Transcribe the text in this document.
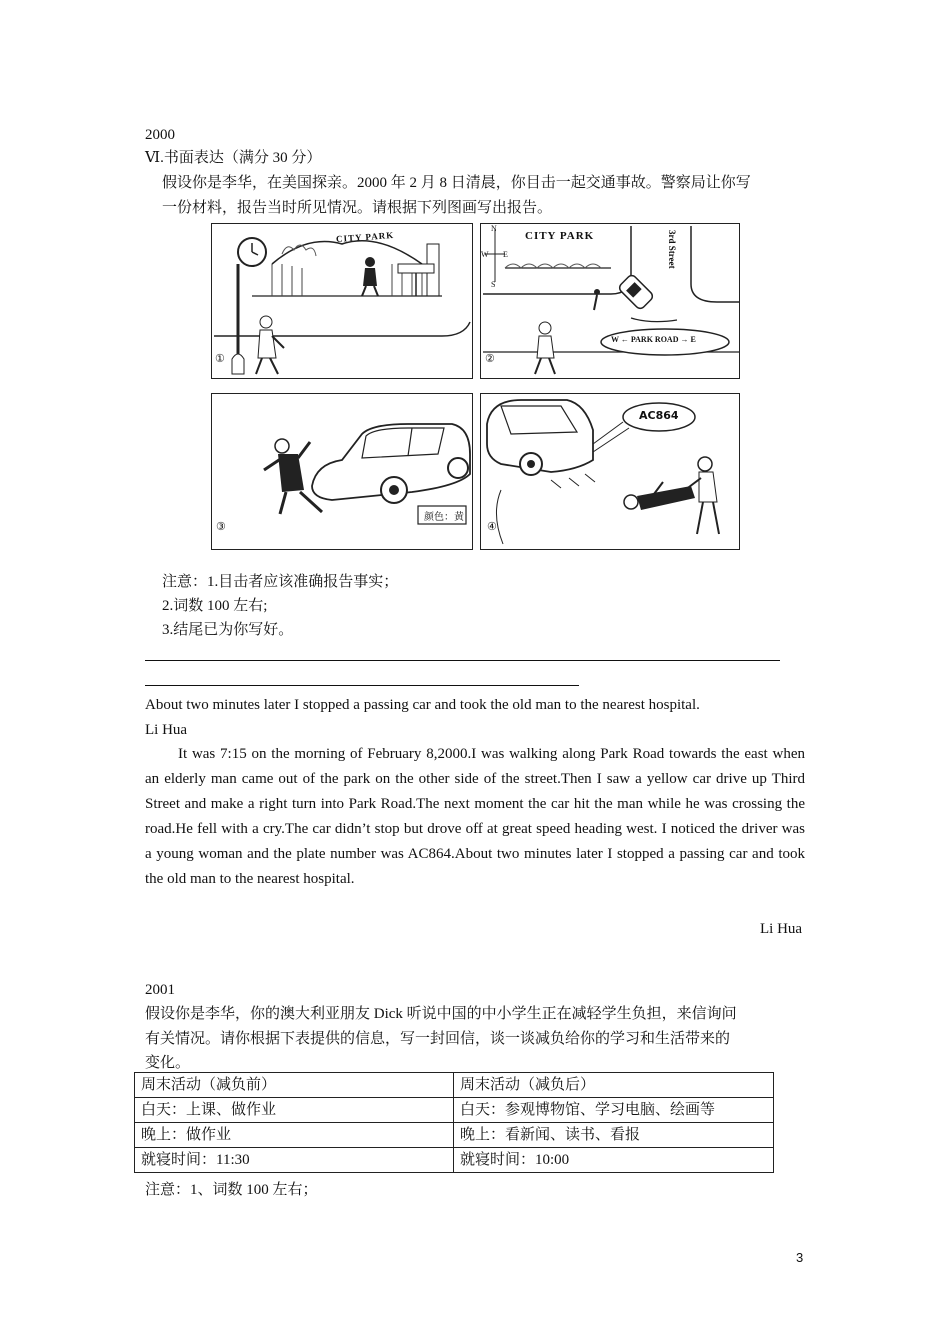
2000
Ⅵ.书面表达（满分 30 分）
假设你是李华，在美国探亲。2000 年 2 月 8 日清晨，你目击一起交通事故。警察局让你写
一份材料，报告当时所见情况。请根据下列图画写出报告。
CITY PARK
①
CITY PARK
N
S
W E	3rd Street
W ← PARK ROAD → E
②
颜色：黄
③
AC864
④
注意：1.目击者应该准确报告事实；
2.词数 100 左右;
3.结尾已为你写好。
About two minutes later I stopped a passing car and took the old man to the nearest hospital.
Li Hua

It was 7:15 on the morning of February 8,2000.I was walking along Park Road towards the east when an elderly man came out of the park on the other side of the street.Then I saw a yellow car drive up Third Street and make a right turn into Park Road.The next moment the car hit the man while he was crossing the road.He fell with a cry.The car didn’t stop but drove off at great speed heading west. I noticed the driver was a young woman and the plate number was AC864.About two minutes later I stopped a passing car and took the old man to the nearest hospital.

Li Hua
2001
假设你是李华，你的澳大利亚朋友 Dick 听说中国的中小学生正在减轻学生负担，来信询问
有关情况。请你根据下表提供的信息，写一封回信，谈一谈减负给你的学习和生活带来的
变化。
周末活动（减负前）	周末活动（减负后）
白天：上课、做作业	白天：参观博物馆、学习电脑、绘画等
晚上：做作业	晚上：看新闻、读书、看报
就寝时间：11:30	就寝时间：10:00
注意：1、词数 100 左右；
3
